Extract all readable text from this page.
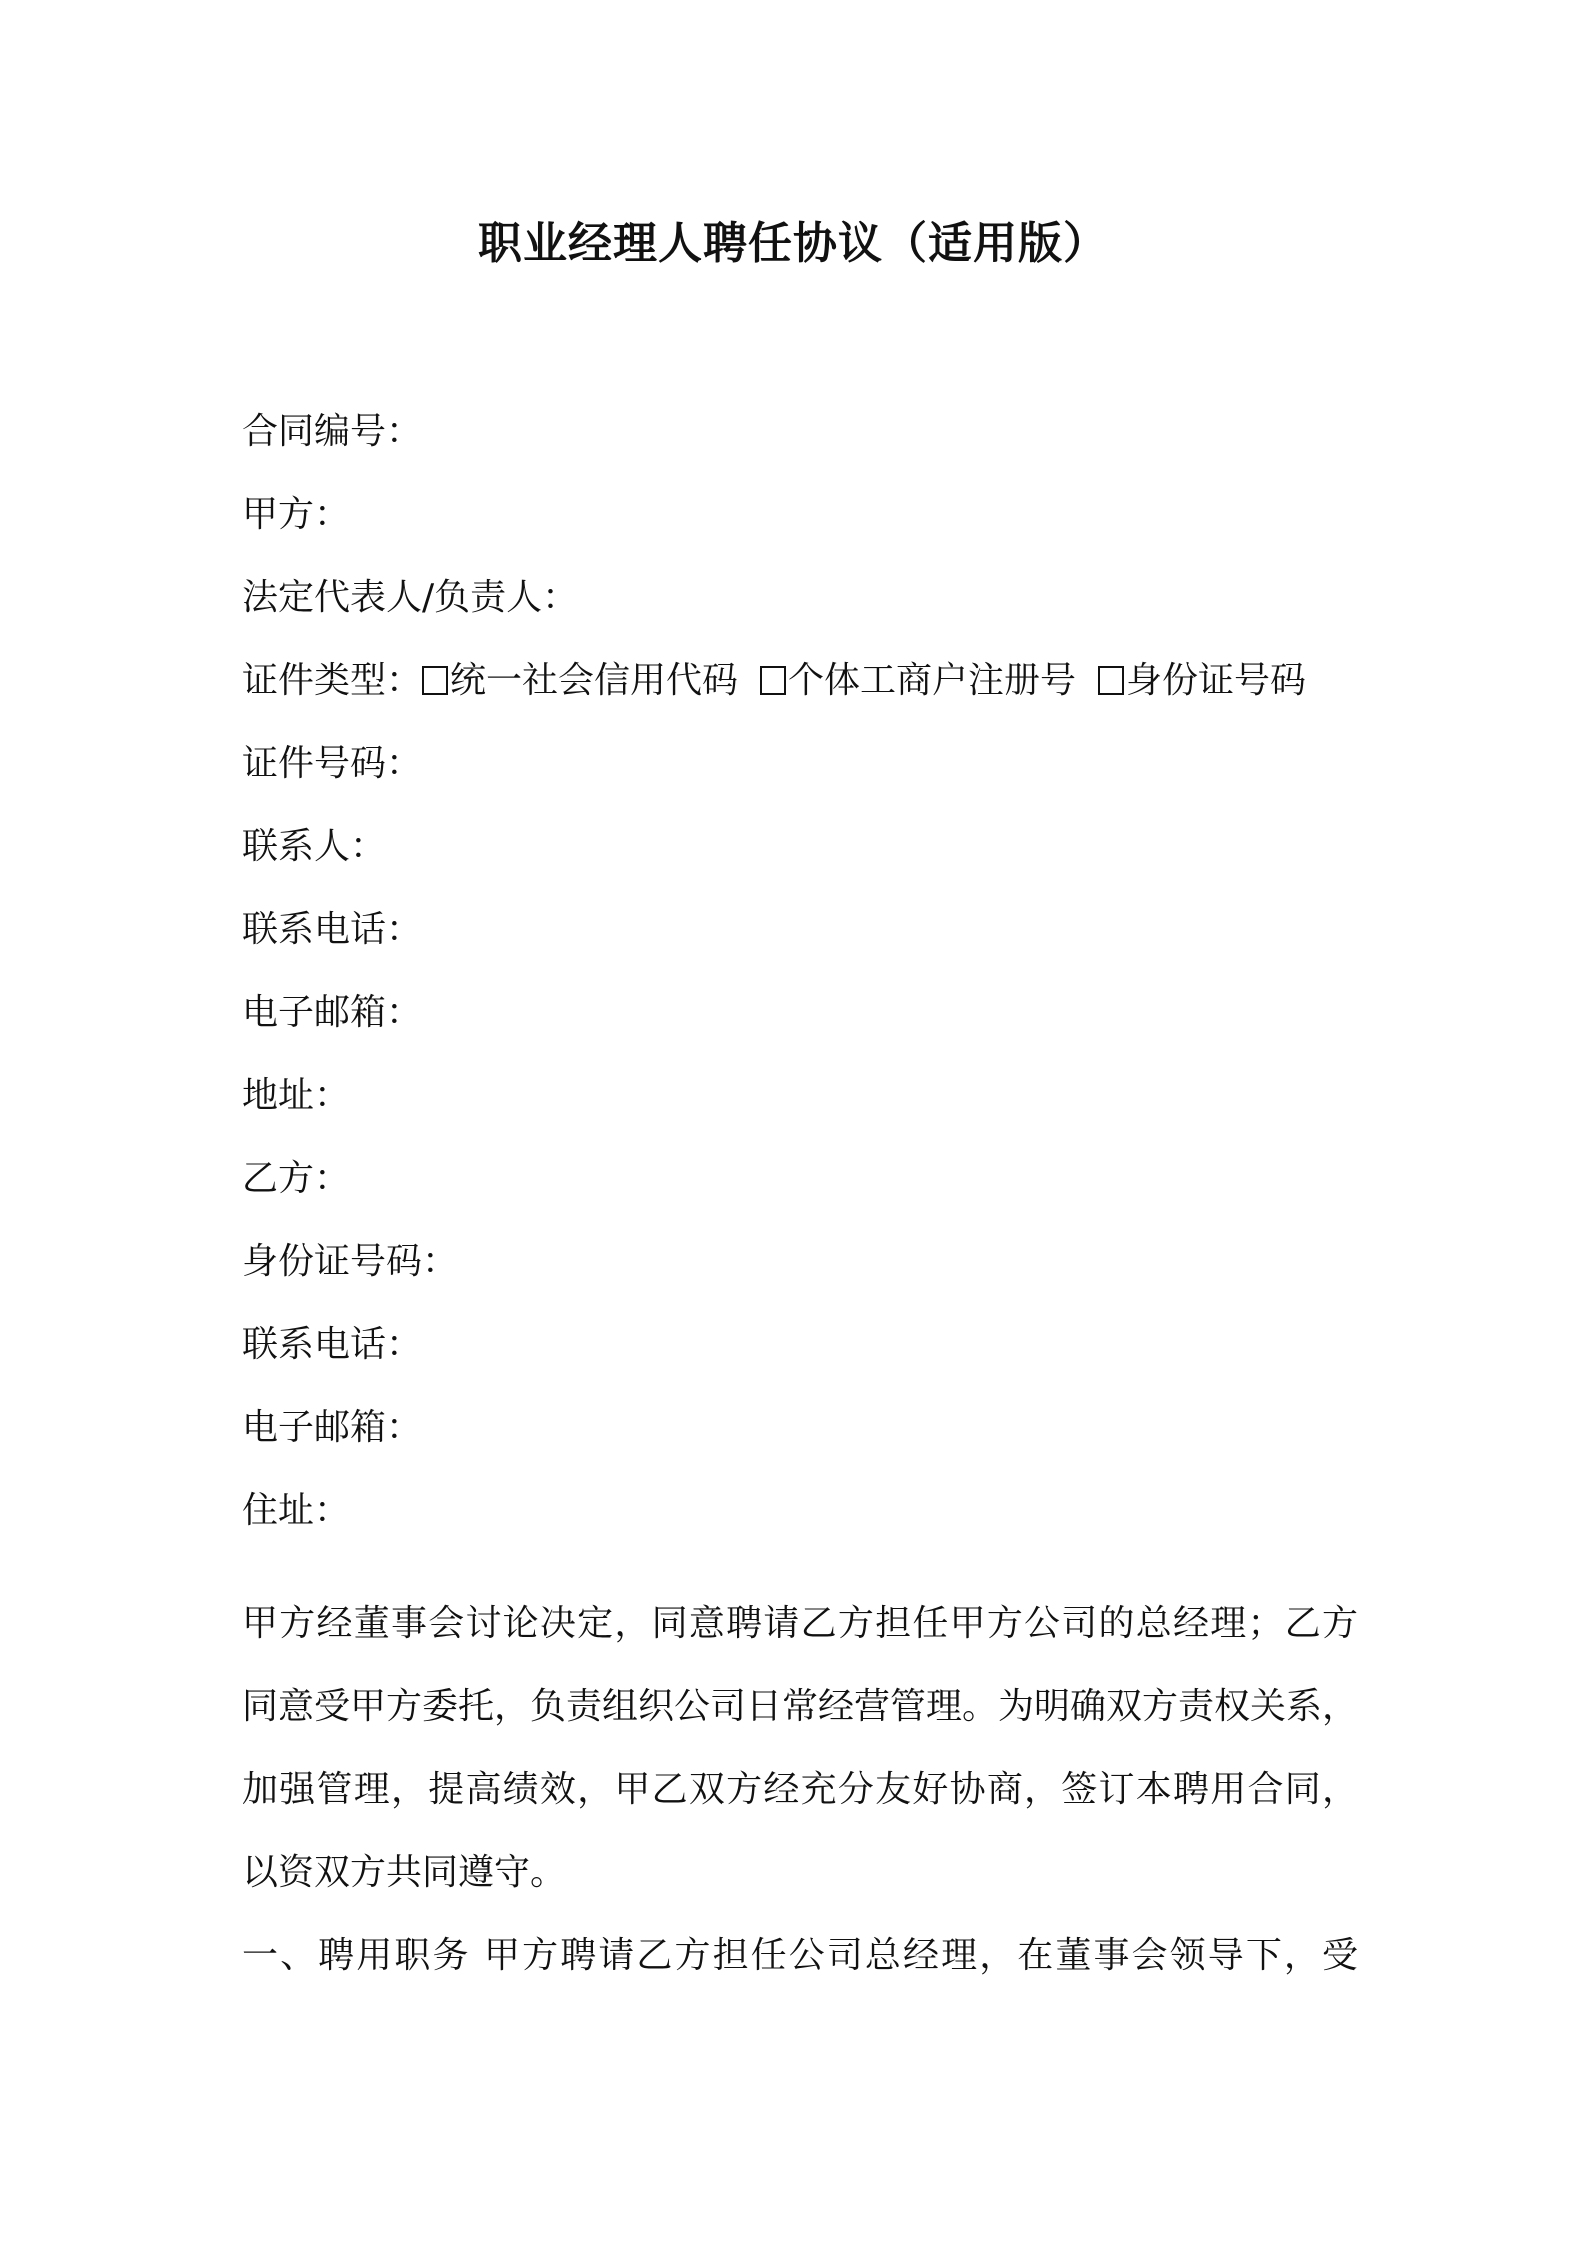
职业经理人聘任协议（适用版）
合同编号：
甲方：
法定代表人/负责人：
证件类型： 统一社会信用代码 个体工商户注册号 身份证号码
证件号码：
联系人：
联系电话：
电子邮箱：
地址：
乙方：
身份证号码：
联系电话：
电子邮箱：
住址：
甲方经董事会讨论决定，同意聘请乙方担任甲方公司的总经理；乙方
同意受甲方委托，负责组织公司日常经营管理。为明确双方责权关系，
加强管理，提高绩效，甲乙双方经充分友好协商，签订本聘用合同，
以资双方共同遵守。
一、聘用职务 甲方聘请乙方担任公司总经理，在董事会领导下，受
